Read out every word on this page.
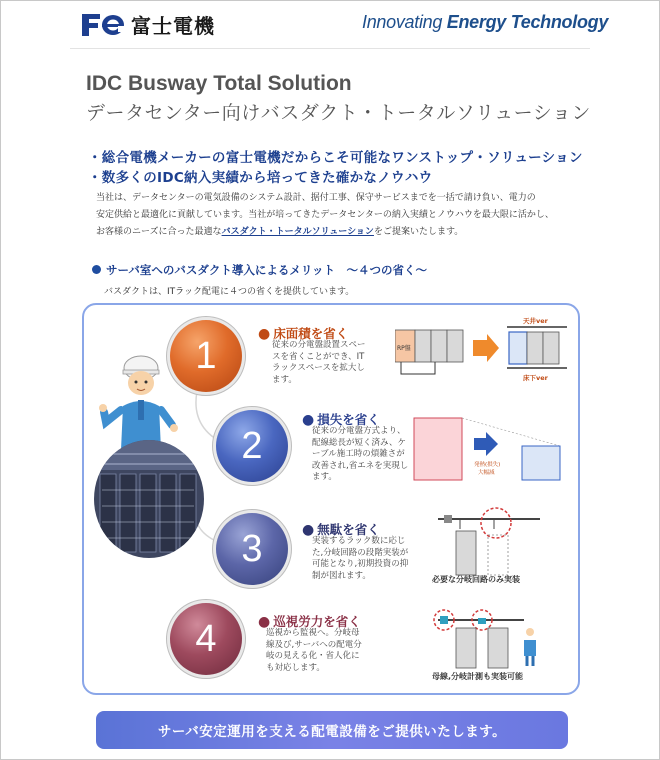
富士電機	Innovating Energy Technology
IDC Busway Total Solution
データセンター向けバスダクト・トータルソリューション
・総合電機メーカーの富士電機だからこそ可能なワンストップ・ソリューション
・数多くのIDC納入実績から培ってきた確かなノウハウ
当社は、データセンターの電気設備のシステム設計、据付工事、保守サービスまでを一括で請け負い、電力の
安定供給と最適化に貢献しています。当社が培ってきたデータセンターの納入実績とノウハウを最大限に活かし、
お客様のニーズに合った最適なバスダクト・トータルソリューションをご提案いたします。
サーバ室へのバスダクト導入によるメリット　～４つの省く～
バスダクトは、ITラック配電に４つの省くを提供しています。
1
2
3
4
● 床面積を省く
従来の分電盤設置スペースを省くことができ、ITラックスペースを拡大します。
● 損失を省く
従来の分電盤方式より、配線総長が短く済み、ケーブル施工時の煩雑さが改善され,省エネを実現します。
● 無駄を省く
実装するラック数に応じた,分岐回路の段階実装が可能となり,初期投資の抑制が図れます。
● 巡視労力を省く
巡視から監視へ。分岐母線及び,サーバへの配電分岐の見える化・省人化にも対応します。
RP盤
天井ver
床下ver
発熱(損失)
大幅減
必要な分岐回路のみ実装
母線,分岐計測も実装可能
サーバ安定運用を支える配電設備をご提供いたします。
